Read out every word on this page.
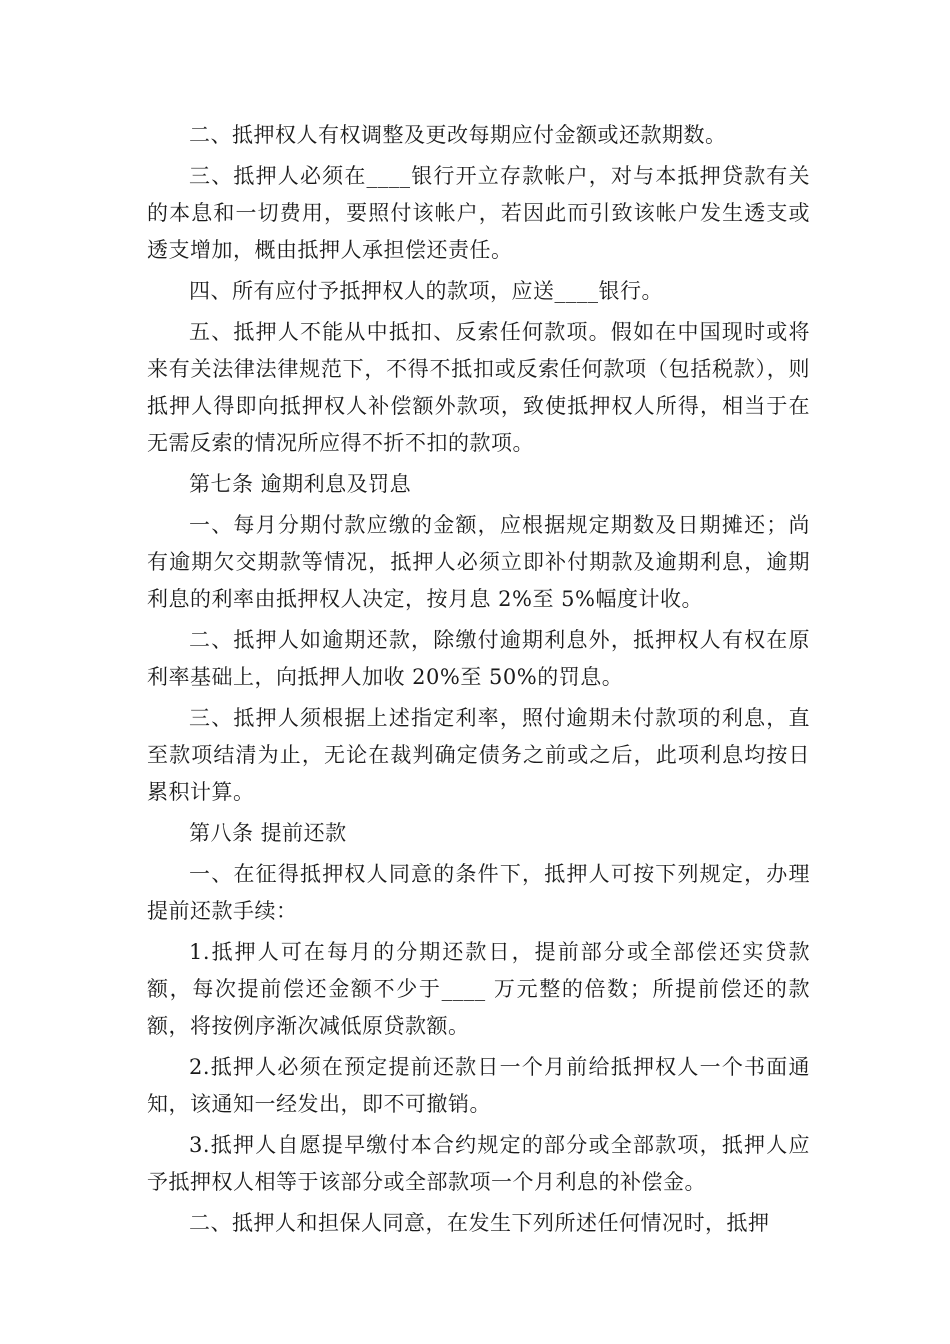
二、抵押权人有权调整及更改每期应付金额或还款期数。

三、抵押人必须在____银行开立存款帐户，对与本抵押贷款有关的本息和一切费用，要照付该帐户，若因此而引致该帐户发生透支或透支增加，概由抵押人承担偿还责任。

四、所有应付予抵押权人的款项，应送____银行。

五、抵押人不能从中抵扣、反索任何款项。假如在中国现时或将来有关法律法律规范下，不得不抵扣或反索任何款项（包括税款），则抵押人得即向抵押权人补偿额外款项，致使抵押权人所得，相当于在无需反索的情况所应得不折不扣的款项。

第七条 逾期利息及罚息

一、每月分期付款应缴的金额，应根据规定期数及日期摊还；尚有逾期欠交期款等情况，抵押人必须立即补付期款及逾期利息，逾期利息的利率由抵押权人决定，按月息 2%至 5%幅度计收。

二、抵押人如逾期还款，除缴付逾期利息外，抵押权人有权在原利率基础上，向抵押人加收 20%至 50%的罚息。

三、抵押人须根据上述指定利率，照付逾期未付款项的利息，直至款项结清为止，无论在裁判确定债务之前或之后，此项利息均按日累积计算。

第八条 提前还款

一、在征得抵押权人同意的条件下，抵押人可按下列规定，办理提前还款手续：

1.抵押人可在每月的分期还款日，提前部分或全部偿还实贷款额，每次提前偿还金额不少于____ 万元整的倍数；所提前偿还的款额，将按例序渐次减低原贷款额。

2.抵押人必须在预定提前还款日一个月前给抵押权人一个书面通知，该通知一经发出，即不可撤销。

3.抵押人自愿提早缴付本合约规定的部分或全部款项，抵押人应予抵押权人相等于该部分或全部款项一个月利息的补偿金。

二、抵押人和担保人同意，在发生下列所述任何情况时，抵押
